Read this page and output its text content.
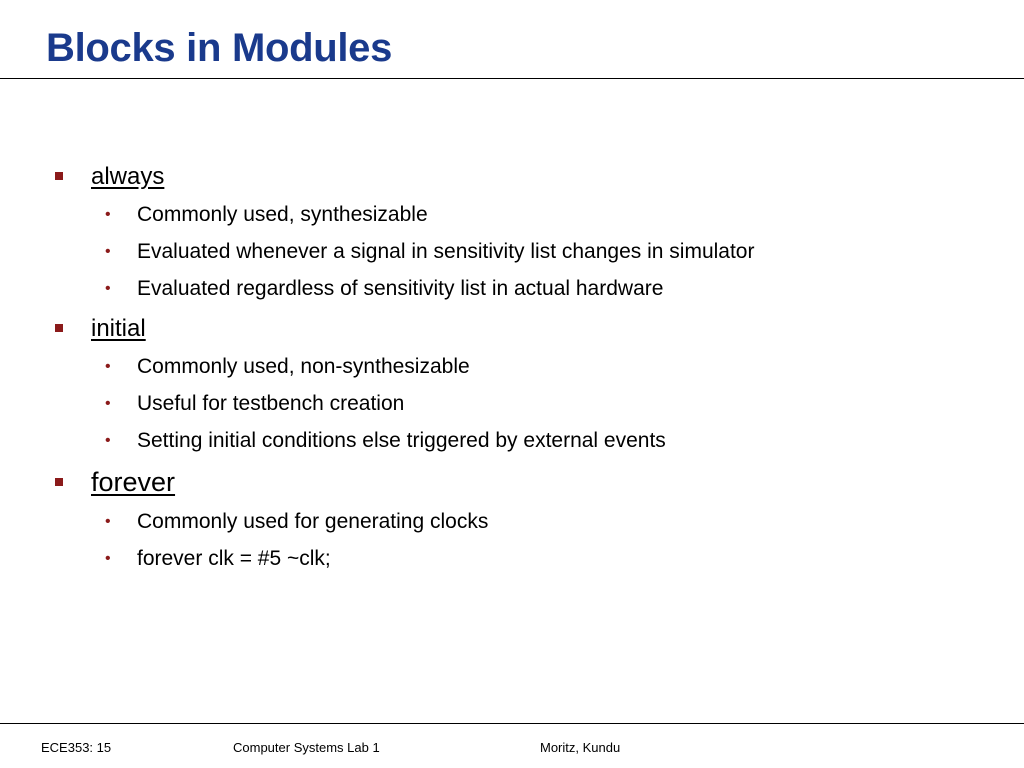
Blocks in Modules
always
• Commonly used, synthesizable
• Evaluated whenever a signal in sensitivity list changes in simulator
• Evaluated regardless of sensitivity list in actual hardware
initial
• Commonly used, non-synthesizable
• Useful for testbench creation
• Setting initial conditions else triggered by external events
forever
• Commonly used for generating clocks
• forever clk = #5 ~clk;
ECE353: 15	Computer Systems Lab 1	Moritz, Kundu
